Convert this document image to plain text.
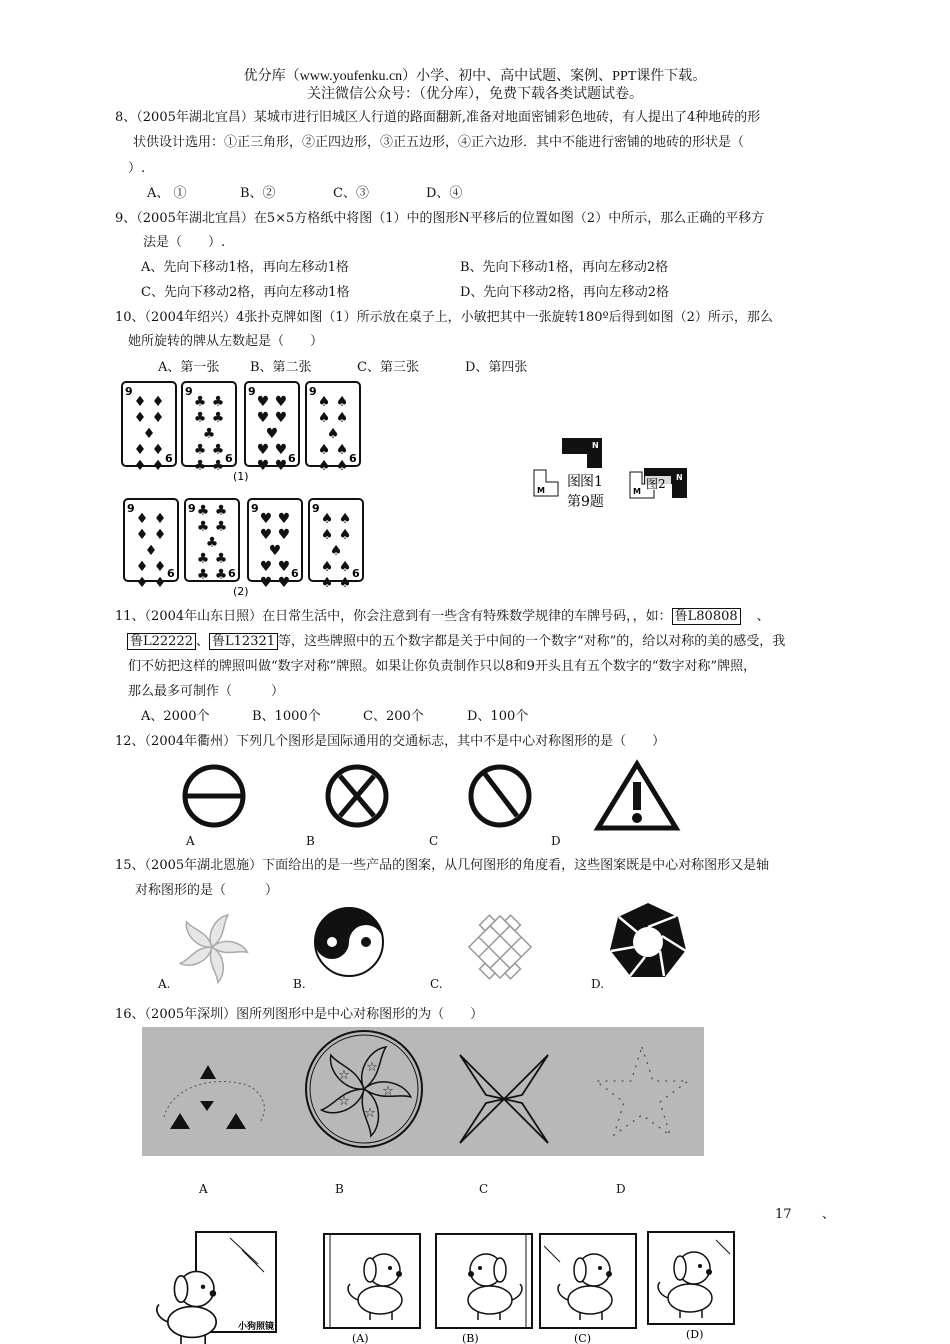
优分库（www.youfenku.cn）小学、初中、高中试题、案例、PPT课件下载。
关注微信公众号：（优分库），免费下载各类试题试卷。
8、（2005年湖北宜昌）某城市进行旧城区人行道的路面翻新,准备对地面密铺彩色地砖，有人提出了4种地砖的形
状供设计选用：①正三角形，②正四边形，③正五边形，④正六边形．其中不能进行密铺的地砖的形状是（
）.
A、 ①	B、②	C、③	D、④
9、（2005年湖北宜昌）在5×5方格纸中将图（1）中的图形N平移后的位置如图（2）中所示，那么正确的平移方
法是（　　）.
A、先向下移动1格，再向左移动1格	B、先向下移动1格，再向左移动2格
C、先向下移动2格，再向左移动1格	D、先向下移动2格，再向左移动2格
10、（2004年绍兴）4张扑克牌如图（1）所示放在桌子上，小敏把其中一张旋转180º后得到如图（2）所示，那么
她所旋转的牌从左数起是（　　）
A、第一张 B、第二张	C、第三张	D、第四张
9
6
♦ ♦
♦ ♦
♦
♦ ♦
♦ ♦
9
6
♣ ♣
♣ ♣
♣
♣ ♣
♣ ♣
9
6
♥ ♥
♥ ♥
♥
♥ ♥
♥ ♥
9
6
♠ ♠
♠ ♠
♠
♠ ♠
♠ ♠
(1)
9
6
♦ ♦
♦ ♦
♦
♦ ♦
♦ ♦
9
6
♣ ♣
♣ ♣
♣
♣ ♣
♣ ♣ 9
6
♥ ♥
♥ ♥
♥
♥ ♥
♥ ♥
9
6
♠ ♠
♠ ♠
♠
♠ ♠
♠ ♠
(2)
N
M
图 图1
第9题
M
N
图2
11、（2004年山东日照）在日常生活中，你会注意到有一些含有特殊数学规律的车牌号码，，如： 鲁L80808 、
鲁L22222 、 鲁L12321 等，这些牌照中的五个数字都是关于中间的一个数字“对称”的，给以对称的美的感受，我
们不妨把这样的牌照叫做“数字对称”牌照。如果让你负责制作只以8和9开头且有五个数字的“数字对称”牌照，
那么最多可制作（　　　）
A、2000个	B、1000个	C、200个	D、100个
12、（2004年衢州）下列几个图形是国际通用的交通标志，其中不是中心对称图形的是（　　）
A	B	C	D
15、（2005年湖北恩施）下面给出的是一些产品的图案，从几何图形的角度看，这些图案既是中心对称图形又是轴
对称图形的是（　　　）
A.	B.	C.	D.
16、（2005年深圳）图所列图形中是中心对称图形的为（　　）
☆
☆
☆
☆
☆
A	B	C	D
17 、
小狗照镜
(A)	(B)	(C)	(D)
